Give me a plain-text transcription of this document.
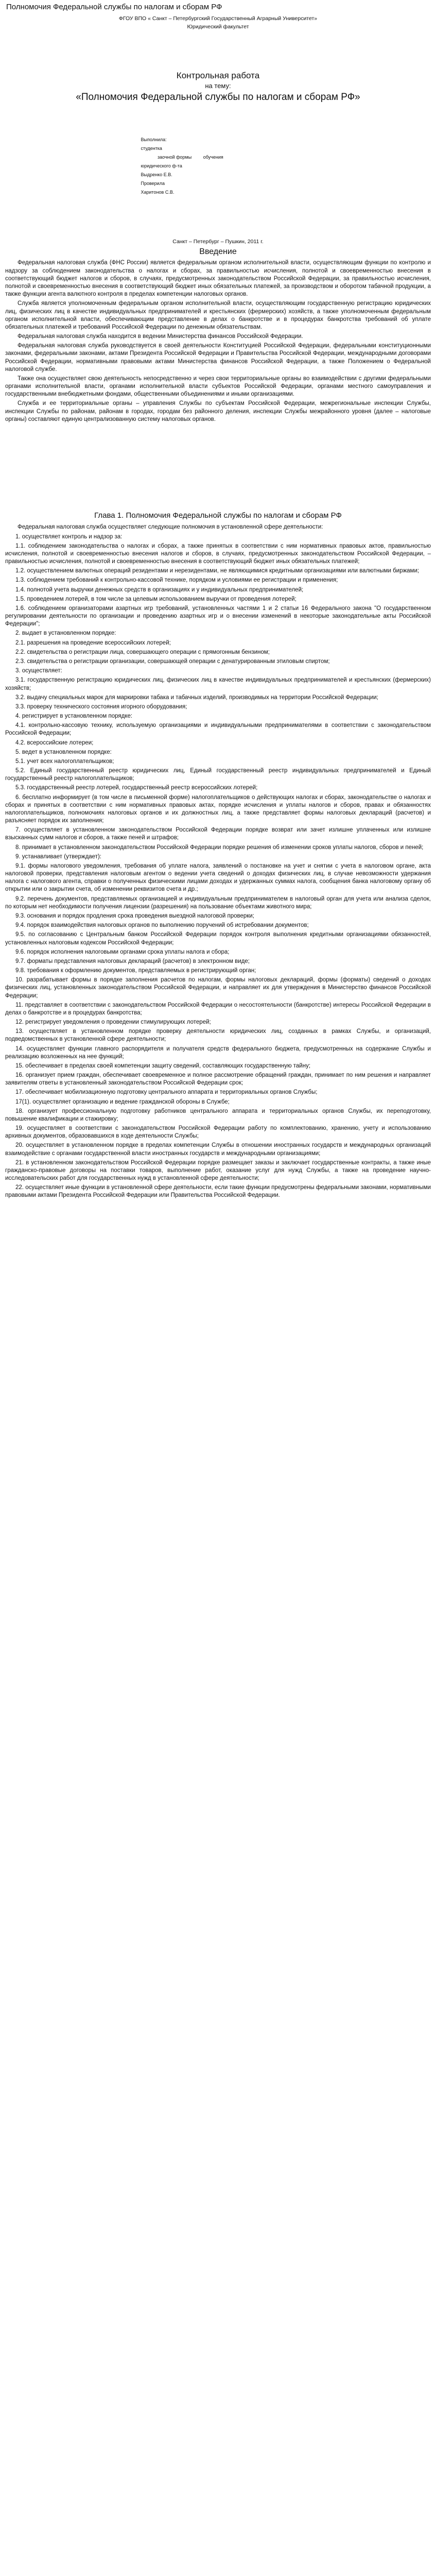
Полномочия Федеральной службы по налогам и сборам РФ
ФГОУ ВПО « Санкт – Петербургский Государственный Аграрный Университет»
Юридический факультет
Контрольная работа
на тему:
«Полномочия Федеральной службы по налогам и сборам РФ»
Выполнила:
студентка
заочной формы         обучения
юридического ф-та
Выдренко Е.В.
Проверила
Харитонов С.В.
Санкт – Петербург – Пушкин, 2011 г.
Введение

Федеральная налоговая служба (ФНС России) является федеральным органом исполнительной власти, осуществляющим функции по контролю и надзору за соблюдением законодательства о налогах и сборах, за правильностью исчисления, полнотой и своевременностью внесения в соответствующий бюджет налогов и сборов, в случаях, предусмотренных законодательством Российской Федерации, за правильностью исчисления, полнотой и своевременностью внесения в соответствующий бюджет иных обязательных платежей, за производством и оборотом табачной продукции, а также функции агента валютного контроля в пределах компетенции налоговых органов.

Служба является уполномоченным федеральным органом исполнительной власти, осуществляющим государственную регистрацию юридических лиц, физических лиц в качестве индивидуальных предпринимателей и крестьянских (фермерских) хозяйств, а также уполномоченным федеральным органом исполнительной власти, обеспечивающим представление в делах о банкротстве и в процедурах банкротства требований об уплате обязательных платежей и требований Российской Федерации по денежным обязательствам.

Федеральная налоговая служба находится в ведении Министерства финансов Российской Федерации.

Федеральная налоговая служба руководствуется в своей деятельности Конституцией Российской Федерации, федеральными конституционными законами, федеральными законами, актами Президента Российской Федерации и Правительства Российской Федерации, международными договорами Российской Федерации, нормативными правовыми актами Министерства финансов Российской Федерации, а также Положением о Федеральной налоговой службе.

Также она осуществляет свою деятельность непосредственно и через свои территориальные органы во взаимодействии с другими федеральными органами исполнительной власти, органами исполнительной власти субъектов Российской Федерации, органами местного самоуправления и государственными внебюджетными фондами, общественными объединениями и иными организациями.

Служба и ее территориальные органы – управления Службы по субъектам Российской Федерации, межрегиональные инспекции Службы, инспекции Службы по районам, районам в городах, городам без районного деления, инспекции Службы межрайонного уровня (далее – налоговые органы) составляют единую централизованную систему налоговых органов.

Глава 1. Полномочия Федеральной службы по налогам и сборам РФ

Федеральная налоговая служба осуществляет следующие полномочия в установленной сфере деятельности:

1. осуществляет контроль и надзор за:

1.1. соблюдением законодательства о налогах и сборах, а также принятых в соответствии с ним нормативных правовых актов, правильностью исчисления, полнотой и своевременностью внесения налогов и сборов, в случаях, предусмотренных законодательством Российской Федерации, – правильностью исчисления, полнотой и своевременностью внесения в соответствующий бюджет иных обязательных платежей;

1.2. осуществлением валютных операций резидентами и нерезидентами, не являющимися кредитными организациями или валютными биржами;

1.3. соблюдением требований к контрольно-кассовой технике, порядком и условиями ее регистрации и применения;

1.4. полнотой учета выручки денежных средств в организациях и у индивидуальных предпринимателей;

1.5. проведением лотерей, в том числе за целевым использованием выручки от проведения лотерей;

1.6. соблюдением организаторами азартных игр требований, установленных частями 1 и 2 статьи 16 Федерального закона "О государственном регулировании деятельности по организации и проведению азартных игр и о внесении изменений в некоторые законодательные акты Российской Федерации";

2. выдает в установленном порядке:

2.1. разрешения на проведение всероссийских лотерей;

2.2. свидетельства о регистрации лица, совершающего операции с прямогонным бензином;

2.3. свидетельства о регистрации организации, совершающей операции с денатурированным этиловым спиртом;

3. осуществляет:

3.1. государственную регистрацию юридических лиц, физических лиц в качестве индивидуальных предпринимателей и крестьянских (фермерских) хозяйств;

3.2. выдачу специальных марок для маркировки табака и табачных изделий, производимых на территории Российской Федерации;

3.3. проверку технического состояния игорного оборудования;

4. регистрирует в установленном порядке:

4.1. контрольно-кассовую технику, используемую организациями и индивидуальными предпринимателями в соответствии с законодательством Российской Федерации;

4.2. всероссийские лотереи;

5. ведет в установленном порядке:

5.1. учет всех налогоплательщиков;

5.2. Единый государственный реестр юридических лиц, Единый государственный реестр индивидуальных предпринимателей и Единый государственный реестр налогоплательщиков;

5.3. государственный реестр лотерей, государственный реестр всероссийских лотерей;

6. бесплатно информирует (в том числе в письменной форме) налогоплательщиков о действующих налогах и сборах, законодательстве о налогах и сборах и принятых в соответствии с ним нормативных правовых актах, порядке исчисления и уплаты налогов и сборов, правах и обязанностях налогоплательщиков, полномочиях налоговых органов и их должностных лиц, а также представляет формы налоговых деклараций (расчетов) и разъясняет порядок их заполнения;

7. осуществляет в установленном законодательством Российской Федерации порядке возврат или зачет излишне уплаченных или излишне взысканных сумм налогов и сборов, а также пеней и штрафов;

8. принимает в установленном законодательством Российской Федерации порядке решения об изменении сроков уплаты налогов, сборов и пеней;

9. устанавливает (утверждает):

9.1. формы налогового уведомления, требования об уплате налога, заявлений о постановке на учет и снятии с учета в налоговом органе, акта налоговой проверки, представления налоговым агентом о ведении учета сведений о доходах физических лиц, в случае невозможности удержания налога с налогового агента, справки о полученных физическими лицами доходах и удержанных суммах налога, сообщения банка налоговому органу об открытии или о закрытии счета, об изменении реквизитов счета и др.;

9.2. перечень документов, представляемых организацией и индивидуальным предпринимателем в налоговый орган для учета или анализа сделок, по которым нет необходимости получения лицензии (разрешения) на пользование объектами животного мира;

9.3. основания и порядок продления срока проведения выездной налоговой проверки;

9.4. порядок взаимодействия налоговых органов по выполнению поручений об истребовании документов;

9.5. по согласованию с Центральным банком Российской Федерации порядок контроля выполнения кредитными организациями обязанностей, установленных налоговым кодексом Российской Федерации;

9.6. порядок исполнения налоговыми органами срока уплаты налога и сбора;

9.7. форматы представления налоговых деклараций (расчетов) в электронном виде;

9.8. требования к оформлению документов, представляемых в регистрирующий орган;

10. разрабатывает формы в порядке заполнения расчетов по налогам, формы налоговых деклараций, формы (форматы) сведений о доходах физических лиц, установленных законодательством Российской Федерации, и направляет их для утверждения в Министерство финансов Российской Федерации;

11. представляет в соответствии с законодательством Российской Федерации о несостоятельности (банкротстве) интересы Российской Федерации в делах о банкротстве и в процедурах банкротства;

12. регистрирует уведомления о проведении стимулирующих лотерей;

13. осуществляет в установленном порядке проверку деятельности юридических лиц, созданных в рамках Службы, и организаций, подведомственных в установленной сфере деятельности;

14. осуществляет функции главного распорядителя и получателя средств федерального бюджета, предусмотренных на содержание Службы и реализацию возложенных на нее функций;

15. обеспечивает в пределах своей компетенции защиту сведений, составляющих государственную тайну;

16. организует прием граждан, обеспечивает своевременное и полное рассмотрение обращений граждан, принимает по ним решения и направляет заявителям ответы в установленный законодательством Российской Федерации срок;

17. обеспечивает мобилизационную подготовку центрального аппарата и территориальных органов Службы;

17(1). осуществляет организацию и ведение гражданской обороны в Службе;

18. организует профессиональную подготовку работников центрального аппарата и территориальных органов Службы, их переподготовку, повышение квалификации и стажировку;

19. осуществляет в соответствии с законодательством Российской Федерации работу по комплектованию, хранению, учету и использованию архивных документов, образовавшихся в ходе деятельности Службы;

20. осуществляет в установленном порядке в пределах компетенции Службы в отношении иностранных государств и международных организаций взаимодействие с органами государственной власти иностранных государств и международными организациями;

21. в установленном законодательством Российской Федерации порядке размещает заказы и заключает государственные контракты, а также иные гражданско-правовые договоры на поставки товаров, выполнение работ, оказание услуг для нужд Службы, а также на проведение научно-исследовательских работ для государственных нужд в установленной сфере деятельности;

22. осуществляет иные функции в установленной сфере деятельности, если такие функции предусмотрены федеральными законами, нормативными правовыми актами Президента Российской Федерации или Правительства Российской Федерации.
